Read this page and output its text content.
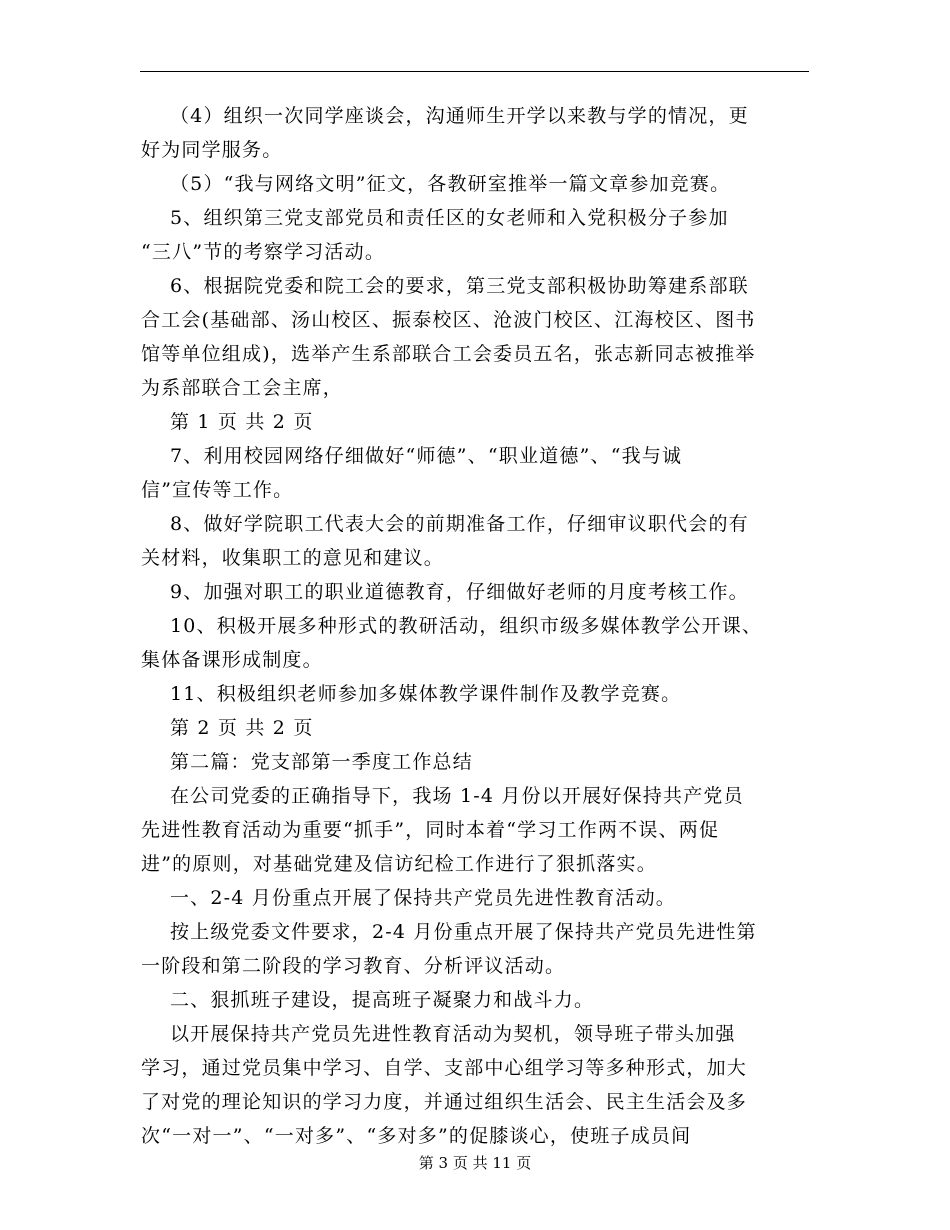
（4）组织一次同学座谈会，沟通师生开学以来教与学的情况，更
好为同学服务。
（5）“我与网络文明”征文，各教研室推举一篇文章参加竞赛。
5、组织第三党支部党员和责任区的女老师和入党积极分子参加
“三八”节的考察学习活动。
6、根据院党委和院工会的要求，第三党支部积极协助筹建系部联
合工会(基础部、汤山校区、振泰校区、沧波门校区、江海校区、图书
馆等单位组成)，选举产生系部联合工会委员五名，张志新同志被推举
为系部联合工会主席，
第 1 页 共 2 页
7、利用校园网络仔细做好“师德”、“职业道德”、“我与诚
信”宣传等工作。
8、做好学院职工代表大会的前期准备工作，仔细审议职代会的有
关材料，收集职工的意见和建议。
9、加强对职工的职业道德教育，仔细做好老师的月度考核工作。
10、积极开展多种形式的教研活动，组织市级多媒体教学公开课、
集体备课形成制度。
11、积极组织老师参加多媒体教学课件制作及教学竞赛。
第 2 页 共 2 页
第二篇：党支部第一季度工作总结
在公司党委的正确指导下，我场 1-4 月份以开展好保持共产党员
先进性教育活动为重要“抓手”，同时本着“学习工作两不误、两促
进”的原则，对基础党建及信访纪检工作进行了狠抓落实。
一、2-4 月份重点开展了保持共产党员先进性教育活动。
按上级党委文件要求，2-4 月份重点开展了保持共产党员先进性第
一阶段和第二阶段的学习教育、分析评议活动。
二、狠抓班子建设，提高班子凝聚力和战斗力。
以开展保持共产党员先进性教育活动为契机，领导班子带头加强
学习，通过党员集中学习、自学、支部中心组学习等多种形式，加大
了对党的理论知识的学习力度，并通过组织生活会、民主生活会及多
次“一对一”、“一对多”、“多对多”的促膝谈心，使班子成员间
第 3 页 共 11 页
